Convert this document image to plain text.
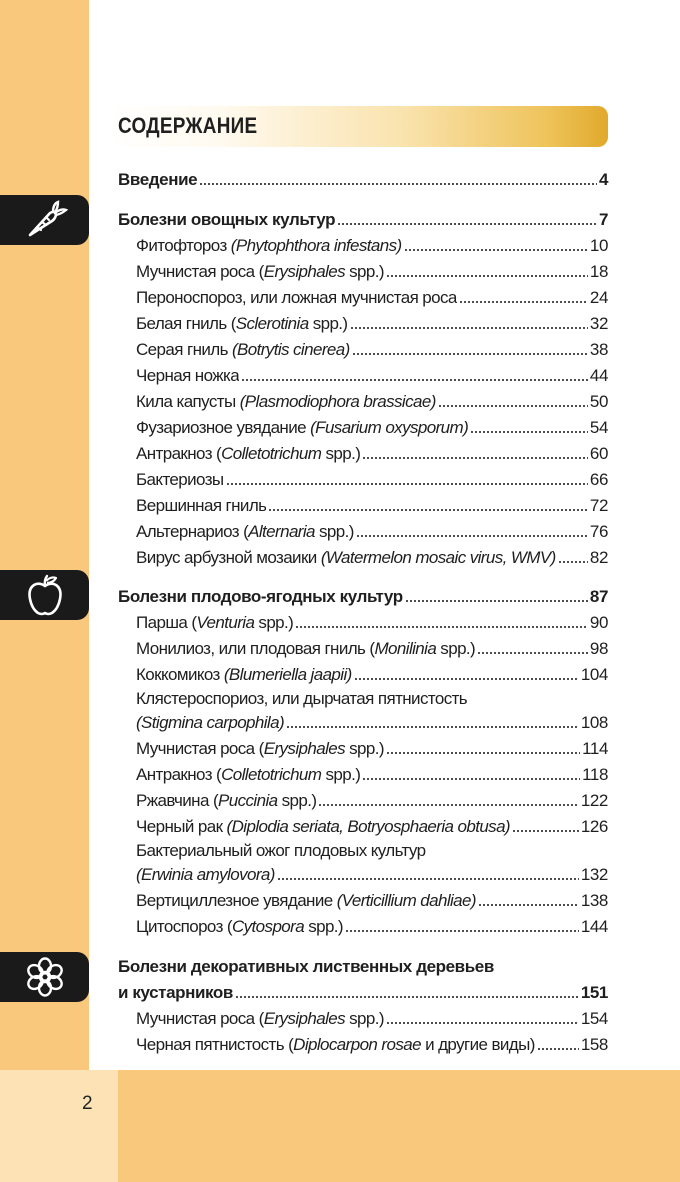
2
СОДЕРЖАНИЕ
Введение	4
Болезни овощных культур	7
Фитофтороз (Phytophthora infestans)	10
Мучнистая роса (Erysiphales spp.)	18
Пероноспороз, или ложная мучнистая роса	24
Белая гниль (Sclerotinia spp.)	32
Серая гниль (Botrytis cinerea)	38
Черная ножка	44
Кила капусты (Plasmodiophora brassicae)	50
Фузариозное увядание (Fusarium oxysporum)	54
Антракноз (Colletotrichum spp.)	60
Бактериозы	66
Вершинная гниль	72
Альтернариоз (Alternaria spp.)	76
Вирус арбузной мозаики (Watermelon mosaic virus, WMV) 82
Болезни плодово-ягодных культур	87
Парша (Venturia spp.)	90
Монилиоз, или плодовая гниль (Monilinia spp.)	98
Коккомикоз (Blumeriella jaapii)	104
Клястероспориоз, или дырчатая пятнистость
(Stigmina carpophila)	108
Мучнистая роса (Erysiphales spp.)	114
Антракноз (Colletotrichum spp.)	118
Ржавчина (Puccinia spp.)	122
Черный рак (Diplodia seriata, Botryosphaeria obtusa)	126
Бактериальный ожог плодовых культур
(Erwinia amylovora)	132
Вертициллезное увядание (Verticillium dahliae)	138
Цитоспороз (Cytospora spp.)	144
Болезни декоративных лиственных деревьев
и кустарников	151
Мучнистая роса (Erysiphales spp.)	154
Черная пятнистость (Diplocarpon rosae и другие виды)	158
